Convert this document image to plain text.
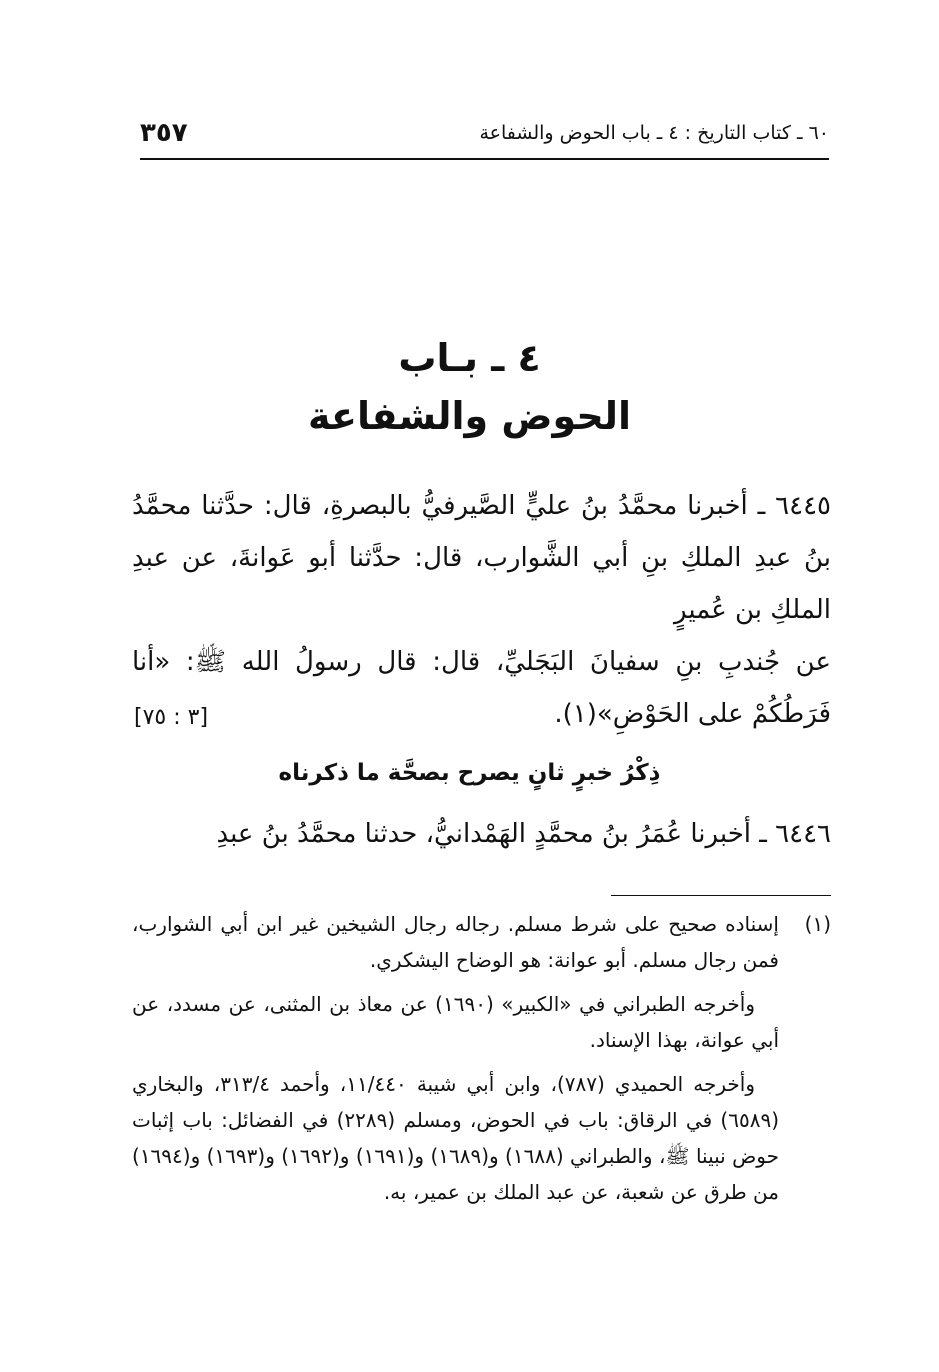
٣٥٧	٦٠ ـ كتاب التاريخ : ٤ ـ باب الحوض والشفاعة
٤ ـ بـاب
الحوض والشفاعة

٦٤٤٥ ـ أخبرنا محمَّدُ بنُ عليٍّ الصَّيرفيُّ بالبصرةِ، قال: حدَّثنا محمَّدُ بنُ عبدِ الملكِ بنِ أبي الشَّوارب، قال: حدَّثنا أبو عَوانةَ، عن عبدِ الملكِ بن عُميرٍ

عن جُندبِ بنِ سفيانَ البَجَليِّ، قال: قال رسولُ الله ﷺ: «أنا فَرَطُكُمْ على الحَوْضِ»(١).

[٣ : ٧٥]
ذِكْرُ خبرٍ ثانٍ يصرح بصحَّة ما ذكرناه

٦٤٤٦ ـ أخبرنا عُمَرُ بنُ محمَّدٍ الهَمْدانيُّ، حدثنا محمَّدُ بنُ عبدِ

(١)

إسناده صحيح على شرط مسلم. رجاله رجال الشيخين غير ابن أبي الشوارب، فمن رجال مسلم. أبو عوانة: هو الوضاح اليشكري.

وأخرجه الطبراني في «الكبير» (١٦٩٠) عن معاذ بن المثنى، عن مسدد، عن أبي عوانة، بهذا الإسناد.

وأخرجه الحميدي (٧٨٧)، وابن أبي شيبة ١١/٤٤٠، وأحمد ٣١٣/٤، والبخاري (٦٥٨٩) في الرقاق: باب في الحوض، ومسلم (٢٢٨٩) في الفضائل: باب إثبات حوض نبينا ﷺ، والطبراني (١٦٨٨) و(١٦٨٩) و(١٦٩١) و(١٦٩٢) و(١٦٩٣) و(١٦٩٤) من طرق عن شعبة، عن عبد الملك بن عمير، به.
